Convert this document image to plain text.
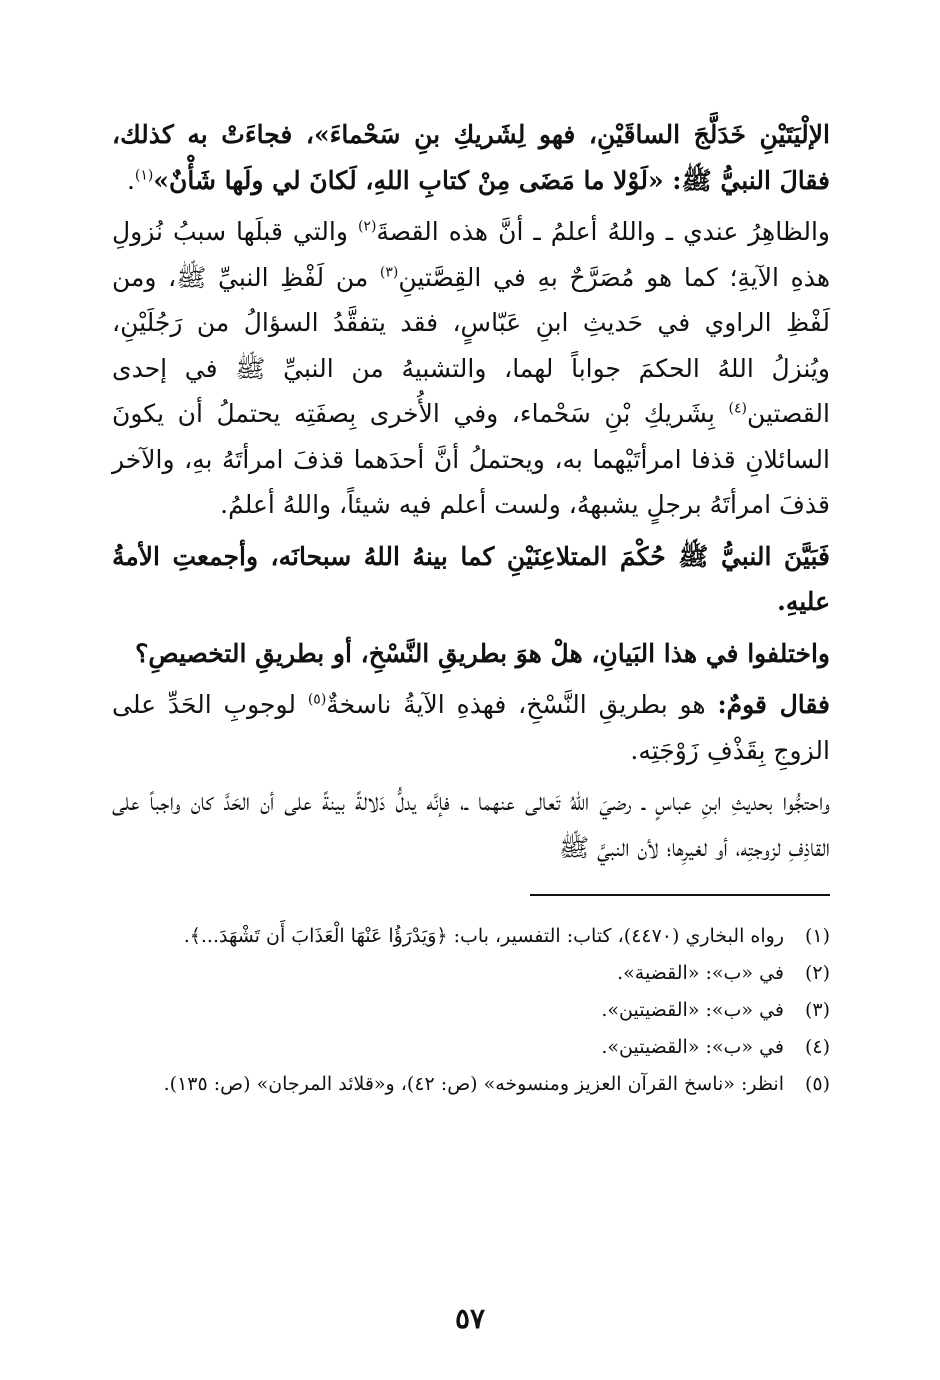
الإلْيَتَيْنِ خَدَلَّجَ الساقَيْنِ، فهو لِشَريكِ بنِ سَحْماءَ»، فجاءَتْ به كذلك، فقالَ النبيُّ ﷺ: «لَوْلا ما مَضَى مِنْ كتابِ اللهِ، لَكانَ لي ولَها شَأْنٌ»$^{(١)}$.

والظاهِرُ عندي ـ واللهُ أعلمُ ـ أنَّ هذه القصةَ$^{(٢)}$ والتي قبلَها سببُ نُزولِ هذهِ الآيةِ؛ كما هو مُصَرَّحٌ بهِ في القِصَّتينِ$^{(٣)}$ من لَفْظِ النبيِّ ﷺ، ومن لَفْظِ الراوي في حَديثِ ابنِ عَبّاسٍ، فقد يتفقَّدُ السؤالُ من رَجُلَيْنِ، ويُنزلُ اللهُ الحكمَ جواباً لهما، والتشبيهُ من النبيِّ ﷺ في إحدى القصتين$^{(٤)}$ بِشَريكِ بْنِ سَحْماء، وفي الأُخرى بِصفَتِه يحتملُ أن يكونَ السائلانِ قذفا امرأتَيْهما به، ويحتملُ أنَّ أحدَهما قذفَ امرأتَهُ بهِ، والآخر قذفَ امرأتَهُ برجلٍ يشبههُ، ولست أعلم فيه شيئاً، واللهُ أعلمُ.

فَبَيَّنَ النبيُّ ﷺ حُكْمَ المتلاعِنَيْنِ كما بينهُ اللهُ سبحانَه، وأجمعتِ الأمةُ عليهِ.

واختلفوا في هذا البَيانِ، هلْ هوَ بطريقِ النَّسْخِ، أو بطريقِ التخصيصِ؟

فقال قومٌ: هو بطريقِ النَّسْخِ، فهذهِ الآيةُ ناسخةٌ$^{(٥)}$ لوجوبِ الحَدِّ على الزوجِ بِقَذْفِ زَوْجَتِه.

واحتجُّوا بحديثِ ابنِ عباسٍ ـ رضيَ اللهُ تَعالى عنهما ـ، فإنَّه يدلُّ دَلالةً بينةً على أن الحَدَّ كان واجباً على القاذِفِ لزوجتِه، أو لغيرِها؛ لأن النبيَّ ﷺ

(١)
رواه البخاري (٤٤٧٠)، كتاب: التفسير، باب: ﴿وَيَدْرَؤُا عَنْهَا الْعَذَابَ أَن تَشْهَدَ...﴾.
(٢)
في «ب»: «القضية».
(٣)
في «ب»: «القضيتين».
(٤)
في «ب»: «القضيتين».
(٥)
انظر: «ناسخ القرآن العزيز ومنسوخه» (ص: ٤٢)، و«قلائد المرجان» (ص: ١٣٥).
٥٧
